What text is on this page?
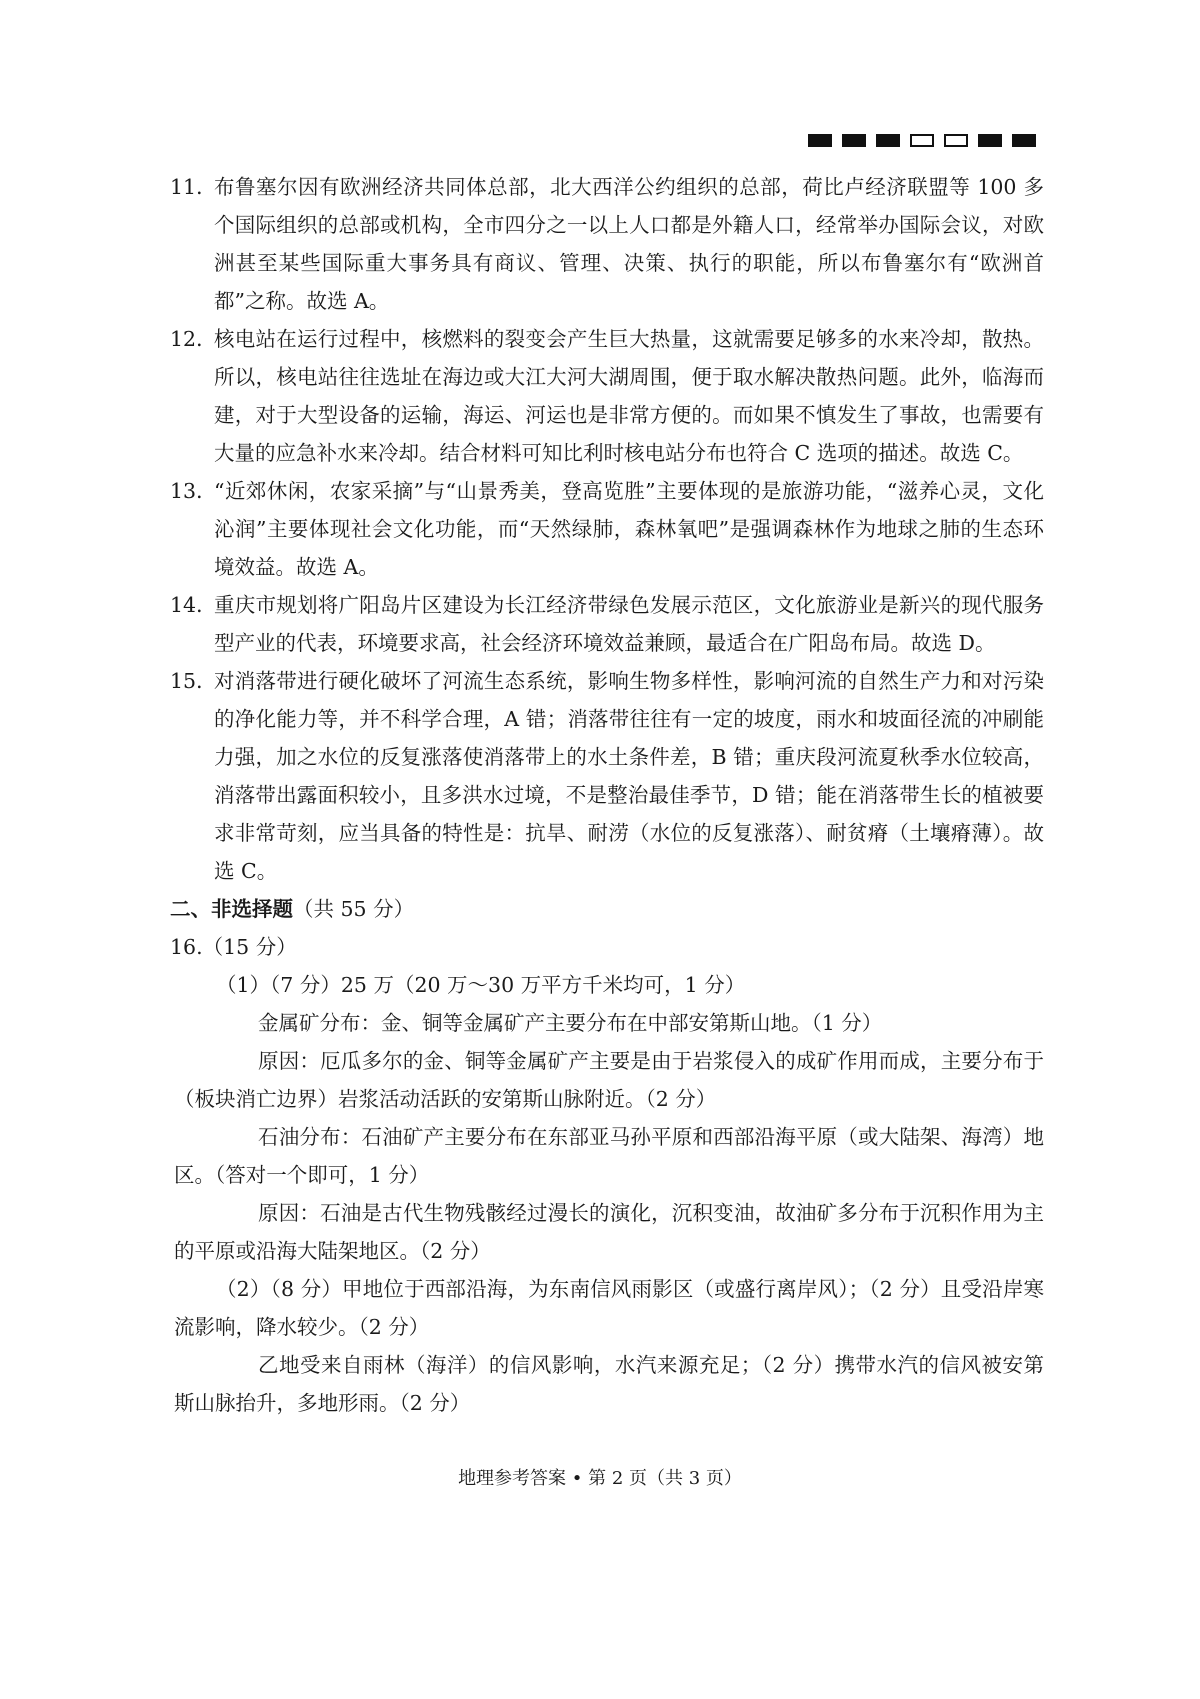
11．
布鲁塞尔因有欧洲经济共同体总部，北大西洋公约组织的总部，荷比卢经济联盟等 100 多个国际组织的总部或机构，全市四分之一以上人口都是外籍人口，经常举办国际会议，对欧洲甚至某些国际重大事务具有商议、管理、决策、执行的职能，所以布鲁塞尔有“欧洲首都”之称。故选 A。
12．
核电站在运行过程中，核燃料的裂变会产生巨大热量，这就需要足够多的水来冷却，散热。所以，核电站往往选址在海边或大江大河大湖周围，便于取水解决散热问题。此外，临海而建，对于大型设备的运输，海运、河运也是非常方便的。而如果不慎发生了事故，也需要有大量的应急补水来冷却。结合材料可知比利时核电站分布也符合 C 选项的描述。故选 C。
13．
“近郊休闲，农家采摘”与“山景秀美，登高览胜”主要体现的是旅游功能，“滋养心灵，文化沁润”主要体现社会文化功能，而“天然绿肺，森林氧吧”是强调森林作为地球之肺的生态环境效益。故选 A。
14．
重庆市规划将广阳岛片区建设为长江经济带绿色发展示范区，文化旅游业是新兴的现代服务型产业的代表，环境要求高，社会经济环境效益兼顾，最适合在广阳岛布局。故选 D。
15．
对消落带进行硬化破坏了河流生态系统，影响生物多样性，影响河流的自然生产力和对污染的净化能力等，并不科学合理，A 错；消落带往往有一定的坡度，雨水和坡面径流的冲刷能力强，加之水位的反复涨落使消落带上的水土条件差，B 错；重庆段河流夏秋季水位较高，消落带出露面积较小，且多洪水过境，不是整治最佳季节，D 错；能在消落带生长的植被要求非常苛刻，应当具备的特性是：抗旱、耐涝（水位的反复涨落）、耐贫瘠（土壤瘠薄）。故选 C。
二、非选择题（共 55 分）
16.（15 分）
（1）（7 分）25 万（20 万～30 万平方千米均可，1 分）
金属矿分布：金、铜等金属矿产主要分布在中部安第斯山地。（1 分）
原因：厄瓜多尔的金、铜等金属矿产主要是由于岩浆侵入的成矿作用而成，主要分布于（板块消亡边界）岩浆活动活跃的安第斯山脉附近。（2 分）
石油分布：石油矿产主要分布在东部亚马孙平原和西部沿海平原（或大陆架、海湾）地区。（答对一个即可，1 分）
原因：石油是古代生物残骸经过漫长的演化，沉积变油，故油矿多分布于沉积作用为主的平原或沿海大陆架地区。（2 分）
（2）（8 分）甲地位于西部沿海，为东南信风雨影区（或盛行离岸风）；（2 分）且受沿岸寒流影响，降水较少。（2 分）
乙地受来自雨林（海洋）的信风影响，水汽来源充足；（2 分）携带水汽的信风被安第斯山脉抬升，多地形雨。（2 分）
地理参考答案 • 第 2 页（共 3 页）
